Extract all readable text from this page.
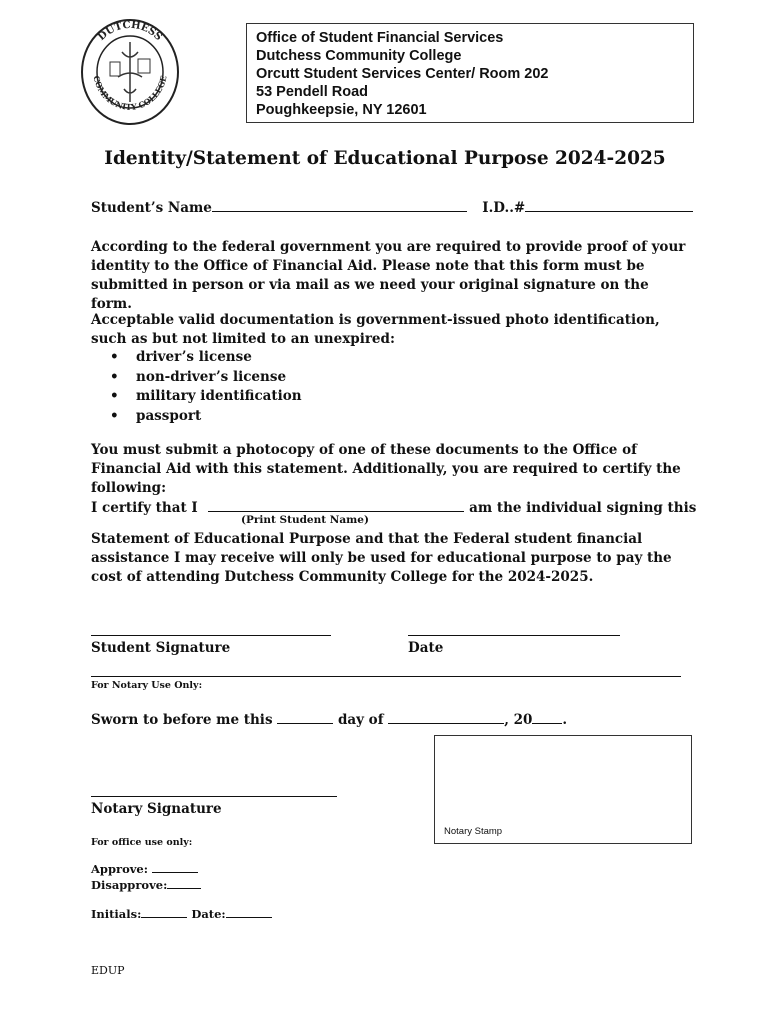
DUTCHESS
COMMUNITY COLLEGE
Office of Student Financial Services
Dutchess Community College
Orcutt Student Services Center/ Room 202
53 Pendell Road
Poughkeepsie, NY 12601
Identity/Statement of Educational Purpose 2024-2025
Student’s Name	I.D..#
According to the federal government you are required to provide proof of your identity to the Office of Financial Aid. Please note that this form must be submitted in person or via mail as we need your original signature on the form.
Acceptable valid documentation is government-issued photo identification, such as but not limited to an unexpired:
• driver’s license
• non-driver’s license
• military identification
• passport
You must submit a photocopy of one of these documents to the Office of Financial Aid with this statement. Additionally, you are required to certify the following:
I certify that I	am the individual signing this
(Print Student Name)
Statement of Educational Purpose and that the Federal student financial assistance I may receive will only be used for educational purpose to pay the cost of attending Dutchess Community College for the 2024-2025.
Student Signature	Date
For Notary Use Only:
Sworn to before me this	day of	, 20 .
Notary Stamp
Notary Signature
For office use only:
Approve:
Disapprove:
Initials:	Date:
EDUP
